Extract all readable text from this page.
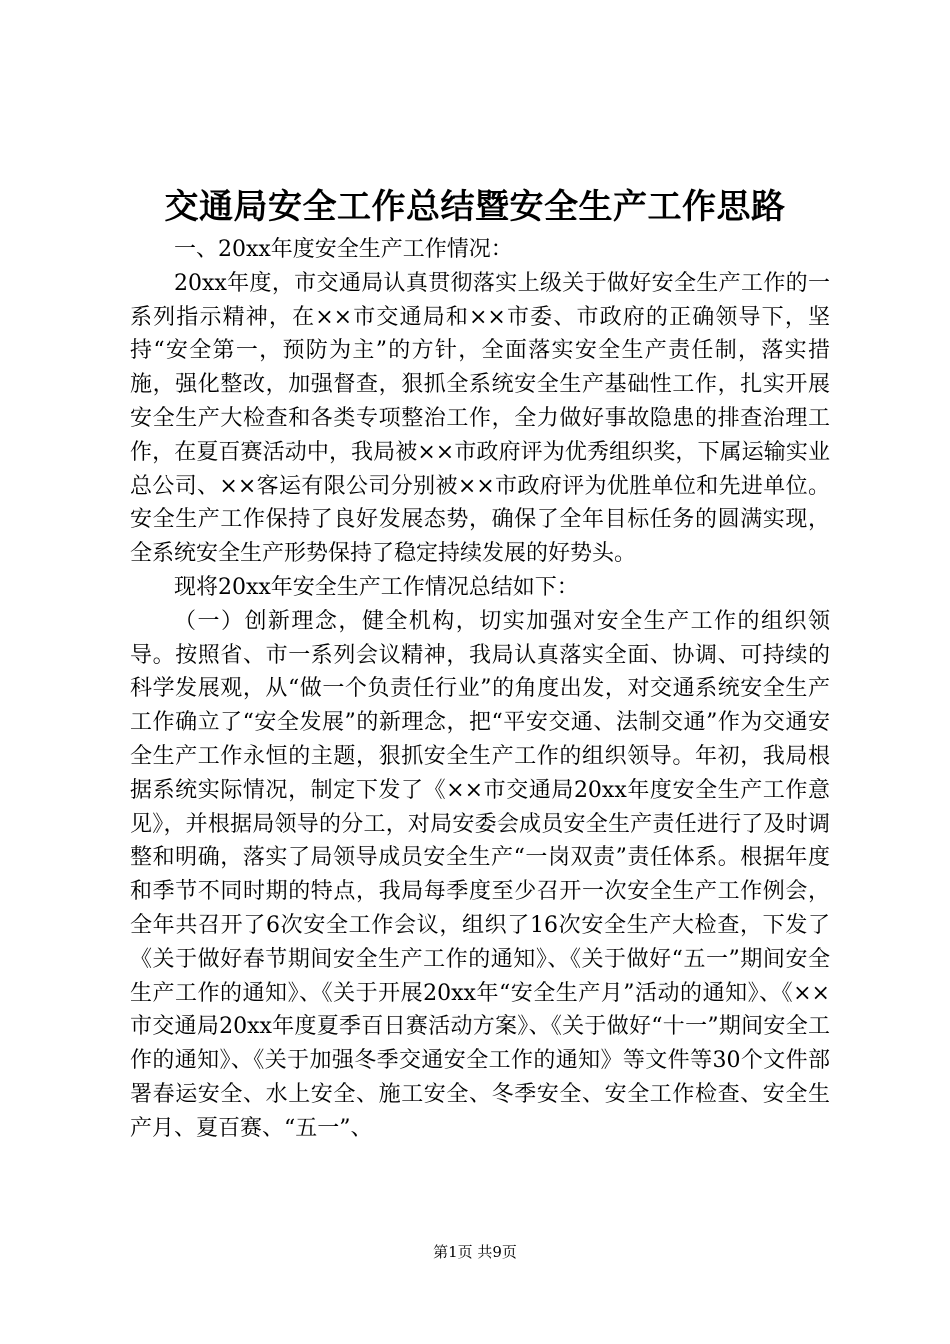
交通局安全工作总结暨安全生产工作思路

一、20xx年度安全生产工作情况：

20xx年度，市交通局认真贯彻落实上级关于做好安全生产工作的一系列指示精神，在××市交通局和××市委、市政府的正确领导下，坚持“安全第一，预防为主”的方针，全面落实安全生产责任制，落实措施，强化整改，加强督查，狠抓全系统安全生产基础性工作，扎实开展安全生产大检查和各类专项整治工作，全力做好事故隐患的排查治理工作，在夏百赛活动中，我局被××市政府评为优秀组织奖，下属运输实业总公司、××客运有限公司分别被××市政府评为优胜单位和先进单位。安全生产工作保持了良好发展态势，确保了全年目标任务的圆满实现，全系统安全生产形势保持了稳定持续发展的好势头。

现将20xx年安全生产工作情况总结如下：

（一）创新理念，健全机构，切实加强对安全生产工作的组织领导。按照省、市一系列会议精神，我局认真落实全面、协调、可持续的科学发展观，从“做一个负责任行业”的角度出发，对交通系统安全生产工作确立了“安全发展”的新理念，把“平安交通、法制交通”作为交通安全生产工作永恒的主题，狠抓安全生产工作的组织领导。年初，我局根据系统实际情况，制定下发了《××市交通局20xx年度安全生产工作意见》，并根据局领导的分工，对局安委会成员安全生产责任进行了及时调整和明确，落实了局领导成员安全生产“一岗双责”责任体系。根据年度和季节不同时期的特点，我局每季度至少召开一次安全生产工作例会，全年共召开了6次安全工作会议，组织了16次安全生产大检查，下发了《关于做好春节期间安全生产工作的通知》、《关于做好“五一”期间安全生产工作的通知》、《关于开展20xx年“安全生产月”活动的通知》、《××市交通局20xx年度夏季百日赛活动方案》、《关于做好“十一”期间安全工作的通知》、《关于加强冬季交通安全工作的通知》等文件等30个文件部署春运安全、水上安全、施工安全、冬季安全、安全工作检查、安全生产月、夏百赛、“五一”、

第1页 共9页
